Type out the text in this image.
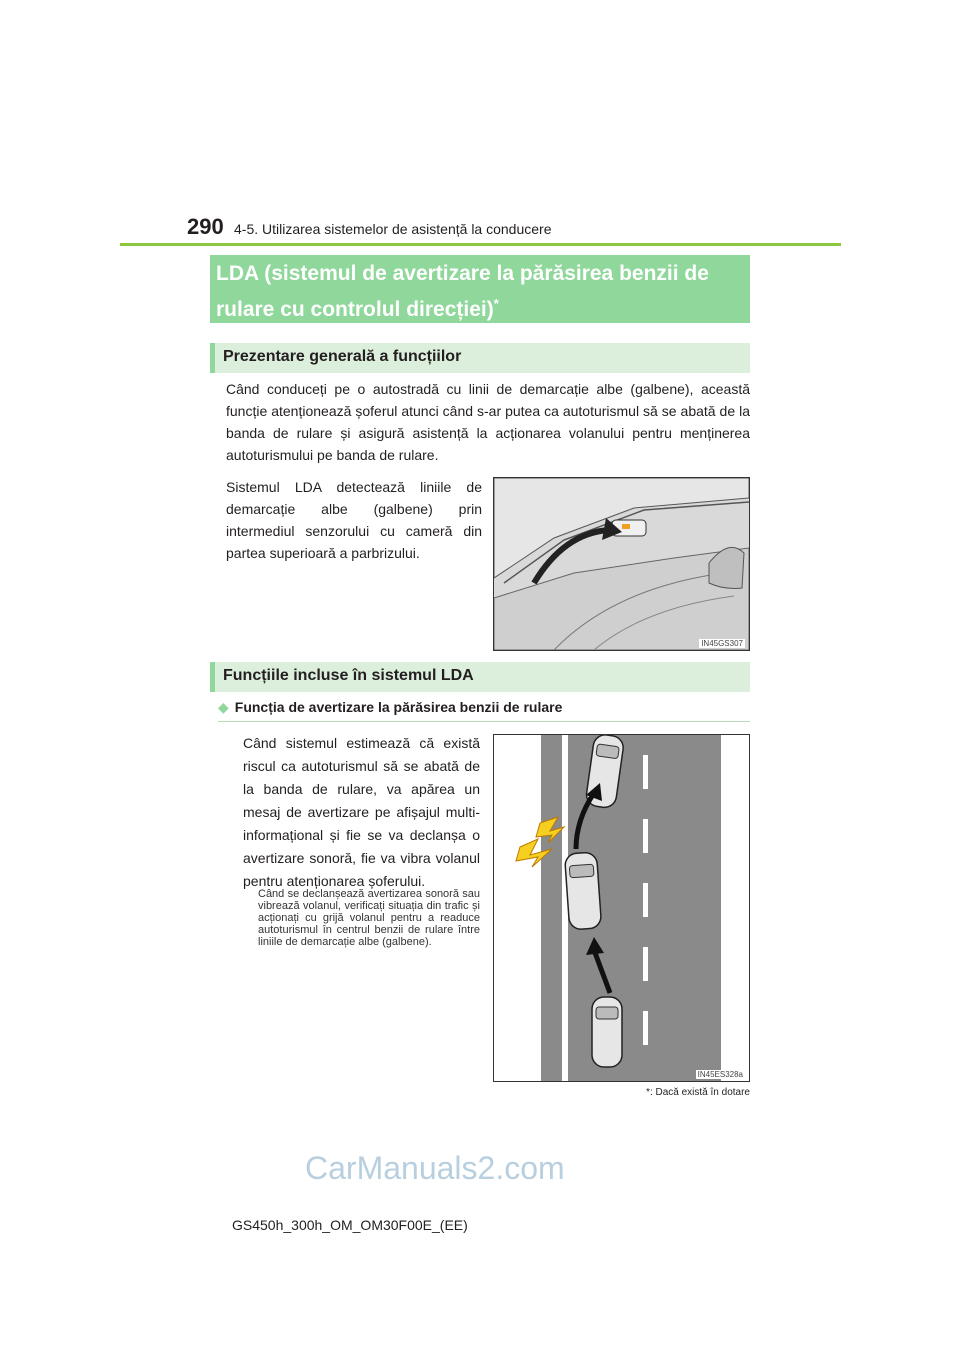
290 4-5. Utilizarea sistemelor de asistență la conducere
LDA (sistemul de avertizare la părăsirea benzii de
rulare cu controlul direcției)*
Prezentare generală a funcțiilor
Când conduceți pe o autostradă cu linii de demarcație albe (galbene), această funcție atenționează șoferul atunci când s-ar putea ca autoturismul să se abată de la banda de rulare și asigură asistență la acționarea volanului pentru menținerea autoturismului pe banda de rulare.
Sistemul LDA detectează liniile de demarcație albe (galbene) prin intermediul senzorului cu cameră din partea superioară a parbrizului.
IN45GS307
Funcțiile incluse în sistemul LDA
◆ Funcția de avertizare la părăsirea benzii de rulare
Când sistemul estimează că există riscul ca autoturismul să se abată de la banda de rulare, va apărea un mesaj de avertizare pe afișajul multi-informațional și fie se va declanșa o avertizare sonoră, fie va vibra volanul pentru atenționarea șoferului.
Când se declanșează avertizarea sonoră sau vibrează volanul, verificați situația din trafic și acționați cu grijă volanul pentru a readuce autoturismul în centrul benzii de rulare între liniile de demarcație albe (galbene).
IN45ES328a
*: Dacă există în dotare
CarManuals2.com
GS450h_300h_OM_OM30F00E_(EE)
